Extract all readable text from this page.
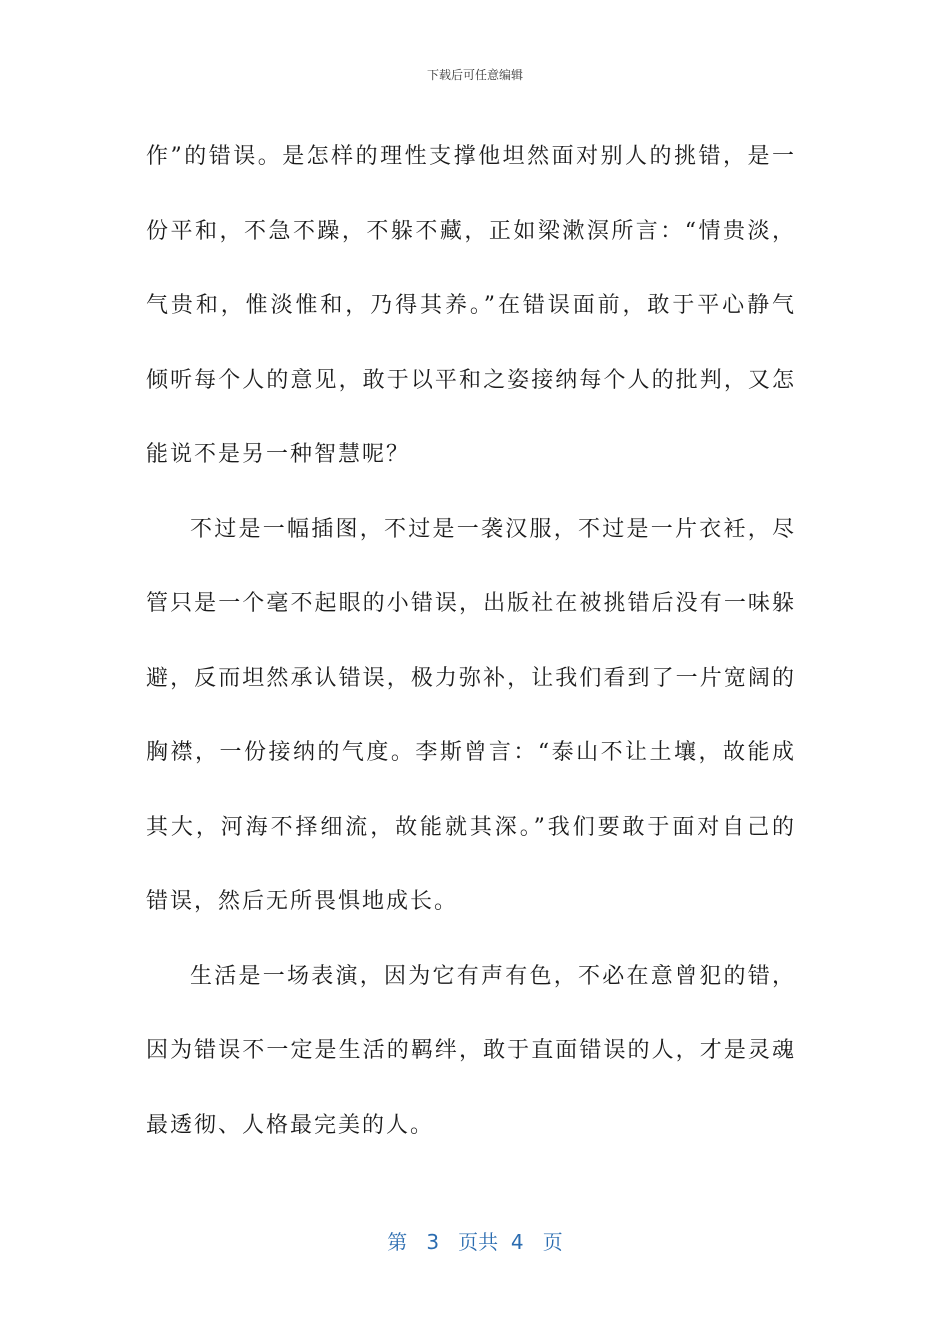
下载后可任意编辑

作”的错误。是怎样的理性支撑他坦然面对别人的挑错，是一份平和，不急不躁，不躲不藏，正如梁漱溟所言：“情贵淡，气贵和，惟淡惟和，乃得其养。”在错误面前，敢于平心静气倾听每个人的意见，敢于以平和之姿接纳每个人的批判，又怎能说不是另一种智慧呢？

不过是一幅插图，不过是一袭汉服，不过是一片衣衽，尽管只是一个毫不起眼的小错误，出版社在被挑错后没有一味躲避，反而坦然承认错误，极力弥补，让我们看到了一片宽阔的胸襟，一份接纳的气度。李斯曾言：“泰山不让土壤，故能成其大，河海不择细流，故能就其深。”我们要敢于面对自己的错误，然后无所畏惧地成长。

生活是一场表演，因为它有声有色，不必在意曾犯的错，因为错误不一定是生活的羁绊，敢于直面错误的人，才是灵魂最透彻、人格最完美的人。

第 3 页共 4 页
